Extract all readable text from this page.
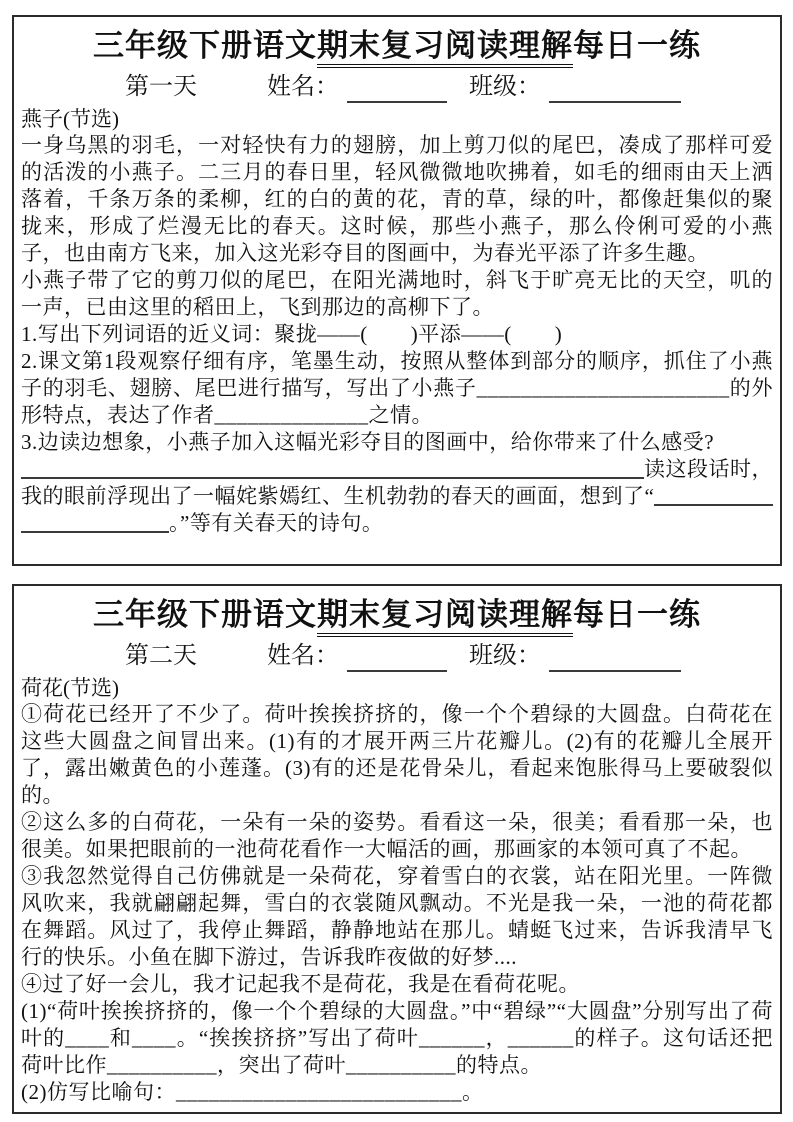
三年级下册语文期末复习阅读理解每日一练
第一天	姓名：	班级：
燕子(节选)

一身乌黑的羽毛，一对轻快有力的翅膀，加上剪刀似的尾巴，凑成了那样可爱的活泼的小燕子。二三月的春日里，轻风微微地吹拂着，如毛的细雨由天上洒落着，千条万条的柔柳，红的白的黄的花，青的草，绿的叶，都像赶集似的聚拢来，形成了烂漫无比的春天。这时候，那些小燕子，那么伶俐可爱的小燕子，也由南方飞来，加入这光彩夺目的图画中，为春光平添了许多生趣。

小燕子带了它的剪刀似的尾巴，在阳光满地时，斜飞于旷亮无比的天空，叽的一声，已由这里的稻田上，飞到那边的高柳下了。

1.写出下列词语的近义词：聚拢——(　　)平添——(　　)

2.课文第1段观察仔细有序，笔墨生动，按照从整体到部分的顺序，抓住了小燕子的羽毛、翅膀、尾巴进行描写，写出了小燕子_______________________的外形特点，表达了作者______________之情。

3.边读边想象，小燕子加入这幅光彩夺目的图画中，给你带来了什么感受?

读这段话时，
我的眼前浮现出了一幅姹紫嫣红、生机勃勃的春天的画面，想到了“
。”等有关春天的诗句。
三年级下册语文期末复习阅读理解每日一练
第二天	姓名：	班级：
荷花(节选)

①荷花已经开了不少了。荷叶挨挨挤挤的，像一个个碧绿的大圆盘。白荷花在这些大圆盘之间冒出来。(1)有的才展开两三片花瓣儿。(2)有的花瓣儿全展开了，露出嫩黄色的小莲蓬。(3)有的还是花骨朵儿，看起来饱胀得马上要破裂似的。

②这么多的白荷花，一朵有一朵的姿势。看看这一朵，很美；看看那一朵，也很美。如果把眼前的一池荷花看作一大幅活的画，那画家的本领可真了不起。

③我忽然觉得自己仿佛就是一朵荷花，穿着雪白的衣裳，站在阳光里。一阵微风吹来，我就翩翩起舞，雪白的衣裳随风飘动。不光是我一朵，一池的荷花都在舞蹈。风过了，我停止舞蹈，静静地站在那儿。蜻蜓飞过来，告诉我清早飞行的快乐。小鱼在脚下游过，告诉我昨夜做的好梦....

④过了好一会儿，我才记起我不是荷花，我是在看荷花呢。

(1)“荷叶挨挨挤挤的，像一个个碧绿的大圆盘。”中“碧绿”“大圆盘”分别写出了荷叶的____和____。“挨挨挤挤”写出了荷叶______，______的样子。这句话还把荷叶比作__________，突出了荷叶__________的特点。

(2)仿写比喻句：__________________________。
